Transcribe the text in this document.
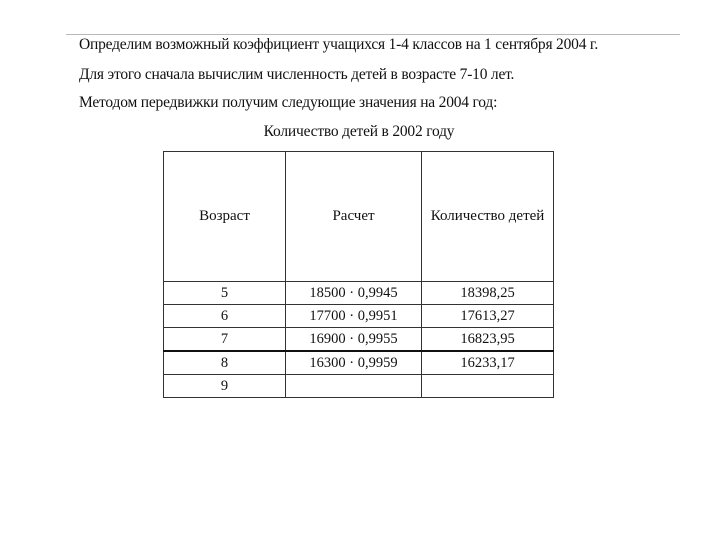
Определим возможный коэффициент учащихся 1-4 классов на 1 сентября 2004 г.
Для этого сначала вычислим численность детей в возрасте 7-10 лет.
Методом передвижки получим следующие значения на 2004 год:
Количество детей в 2002 году
Возраст	Расчет	Количество детей
5	18500 · 0,9945	18398,25
6	17700 · 0,9951	17613,27
7	16900 · 0,9955	16823,95
8	16300 · 0,9959	16233,17
9		
